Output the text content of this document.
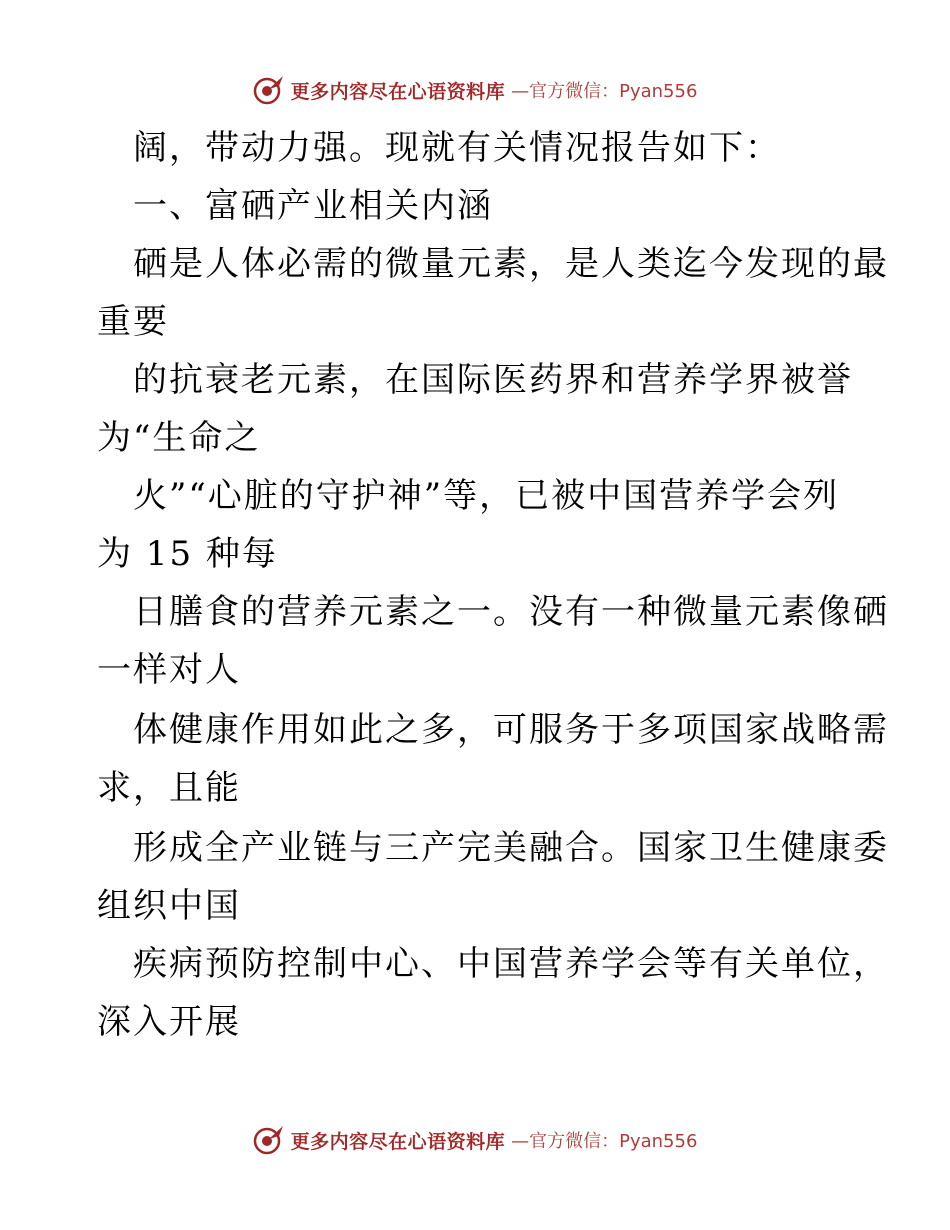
更多内容尽在心语资料库 —官方微信：Pyan556
阔，带动力强。现就有关情况报告如下：
一、富硒产业相关内涵
硒是人体必需的微量元素，是人类迄今发现的最
重要
的抗衰老元素，在国际医药界和营养学界被誉
为“生命之
火”“心脏的守护神”等，已被中国营养学会列
为 15 种每
日膳食的营养元素之一。没有一种微量元素像硒
一样对人
体健康作用如此之多，可服务于多项国家战略需
求，且能
形成全产业链与三产完美融合。国家卫生健康委
组织中国
疾病预防控制中心、中国营养学会等有关单位，
深入开展
更多内容尽在心语资料库 —官方微信：Pyan556
